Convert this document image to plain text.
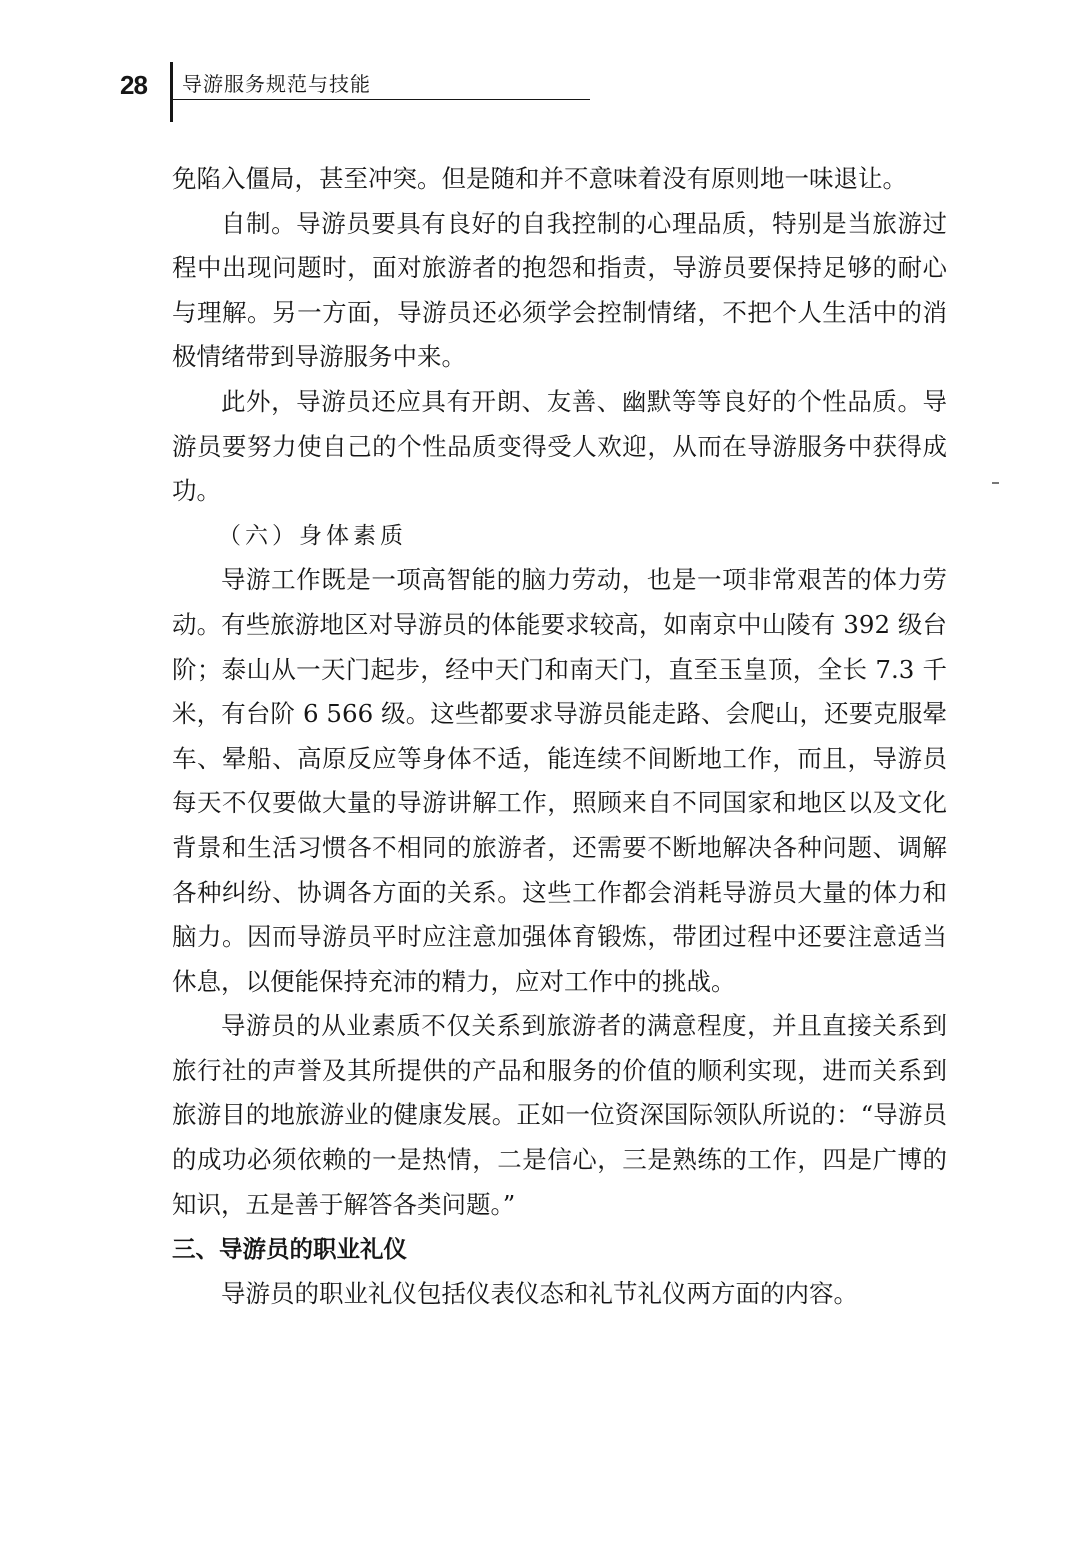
28 导游服务规范与技能

免陷入僵局，甚至冲突。但是随和并不意味着没有原则地一味退让。

自制。导游员要具有良好的自我控制的心理品质，特别是当旅游过程中出现问题时，面对旅游者的抱怨和指责，导游员要保持足够的耐心与理解。另一方面，导游员还必须学会控制情绪，不把个人生活中的消极情绪带到导游服务中来。

此外，导游员还应具有开朗、友善、幽默等等良好的个性品质。导游员要努力使自己的个性品质变得受人欢迎，从而在导游服务中获得成功。

（六）身体素质

导游工作既是一项高智能的脑力劳动，也是一项非常艰苦的体力劳动。有些旅游地区对导游员的体能要求较高，如南京中山陵有 392 级台阶；泰山从一天门起步，经中天门和南天门，直至玉皇顶，全长 7.3 千米，有台阶 6 566 级。这些都要求导游员能走路、会爬山，还要克服晕车、晕船、高原反应等身体不适，能连续不间断地工作，而且，导游员每天不仅要做大量的导游讲解工作，照顾来自不同国家和地区以及文化背景和生活习惯各不相同的旅游者，还需要不断地解决各种问题、调解各种纠纷、协调各方面的关系。这些工作都会消耗导游员大量的体力和脑力。因而导游员平时应注意加强体育锻炼，带团过程中还要注意适当休息，以便能保持充沛的精力，应对工作中的挑战。

导游员的从业素质不仅关系到旅游者的满意程度，并且直接关系到旅行社的声誉及其所提供的产品和服务的价值的顺利实现，进而关系到旅游目的地旅游业的健康发展。正如一位资深国际领队所说的：“导游员的成功必须依赖的一是热情，二是信心，三是熟练的工作，四是广博的知识，五是善于解答各类问题。”

三、导游员的职业礼仪

导游员的职业礼仪包括仪表仪态和礼节礼仪两方面的内容。
